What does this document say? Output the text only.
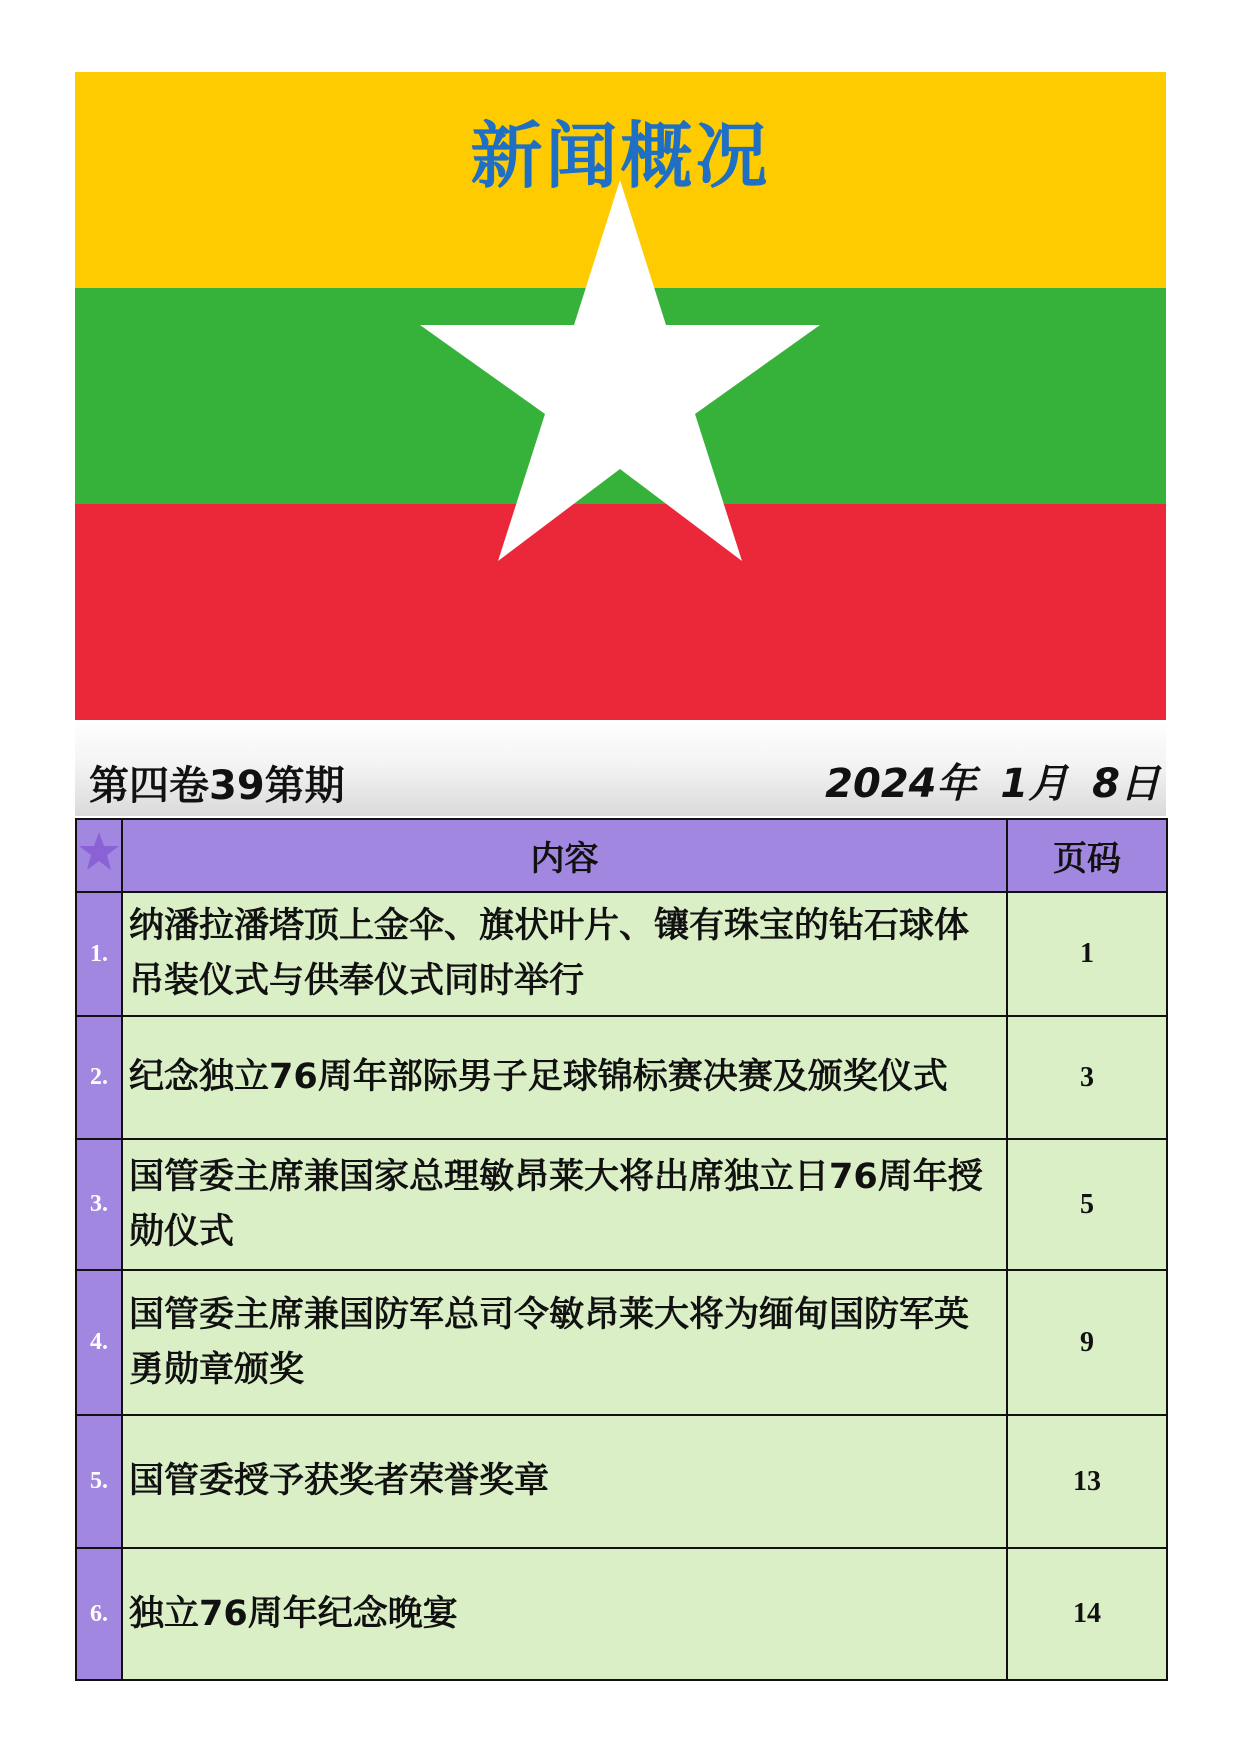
新闻概况
第四卷39第期	2024年 1月 8日
	内容	页码
1.	纳潘拉潘塔顶上金伞、旗状叶片、镶有珠宝的钻石球体吊装仪式与供奉仪式同时举行	1
2.	纪念独立76周年部际男子足球锦标赛决赛及颁奖仪式	3
3.	国管委主席兼国家总理敏昂莱大将出席独立日76周年授勋仪式	5
4.	国管委主席兼国防军总司令敏昂莱大将为缅甸国防军英勇勋章颁奖	9
5.	国管委授予获奖者荣誉奖章	13
6.	独立76周年纪念晚宴	14
